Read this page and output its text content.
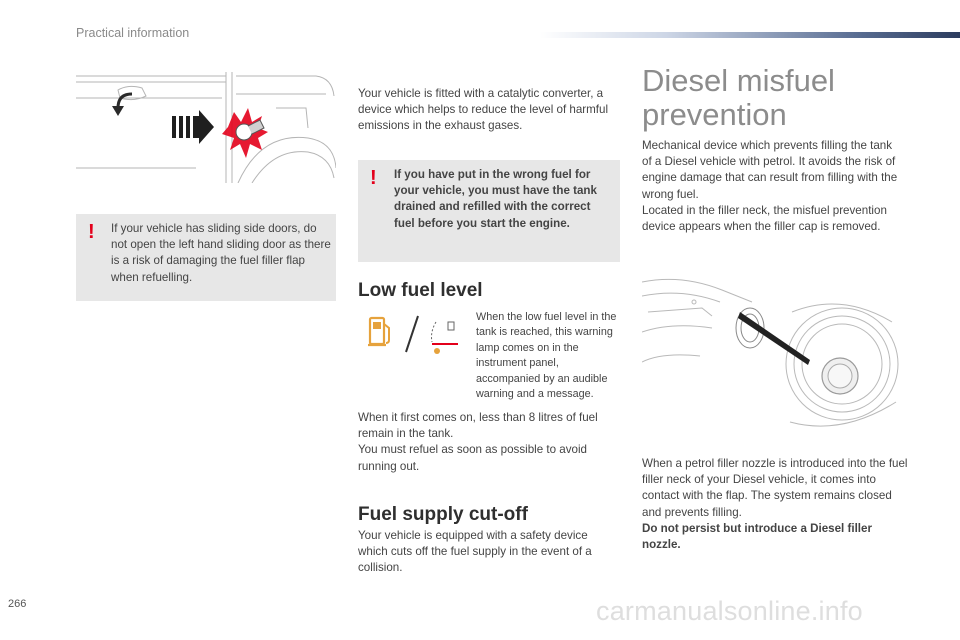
Practical information
! If your vehicle has sliding side doors, do not open the left hand sliding door as there is a risk of damaging the fuel filler flap when refuelling.
Your vehicle is fitted with a catalytic converter, a device which helps to reduce the level of harmful emissions in the exhaust gases.
! If you have put in the wrong fuel for your vehicle, you must have the tank drained and refilled with the correct fuel before you start the engine.
Low fuel level
When the low fuel level in the tank is reached, this warning lamp comes on in the instrument panel, accompanied by an audible warning and a message.

When it first comes on, less than 8 litres of fuel remain in the tank.

You must refuel as soon as possible to avoid running out.

Fuel supply cut-off
Your vehicle is equipped with a safety device which cuts off the fuel supply in the event of a collision.
Diesel misfuel
prevention

Mechanical device which prevents filling the tank of a Diesel vehicle with petrol. It avoids the risk of engine damage that can result from filling with the wrong fuel.

Located in the filler neck, the misfuel prevention device appears when the filler cap is removed.

When a petrol filler nozzle is introduced into the fuel filler neck of your Diesel vehicle, it comes into contact with the flap. The system remains closed and prevents filling.

Do not persist but introduce a Diesel filler nozzle.

266	carmanualsonline.info
